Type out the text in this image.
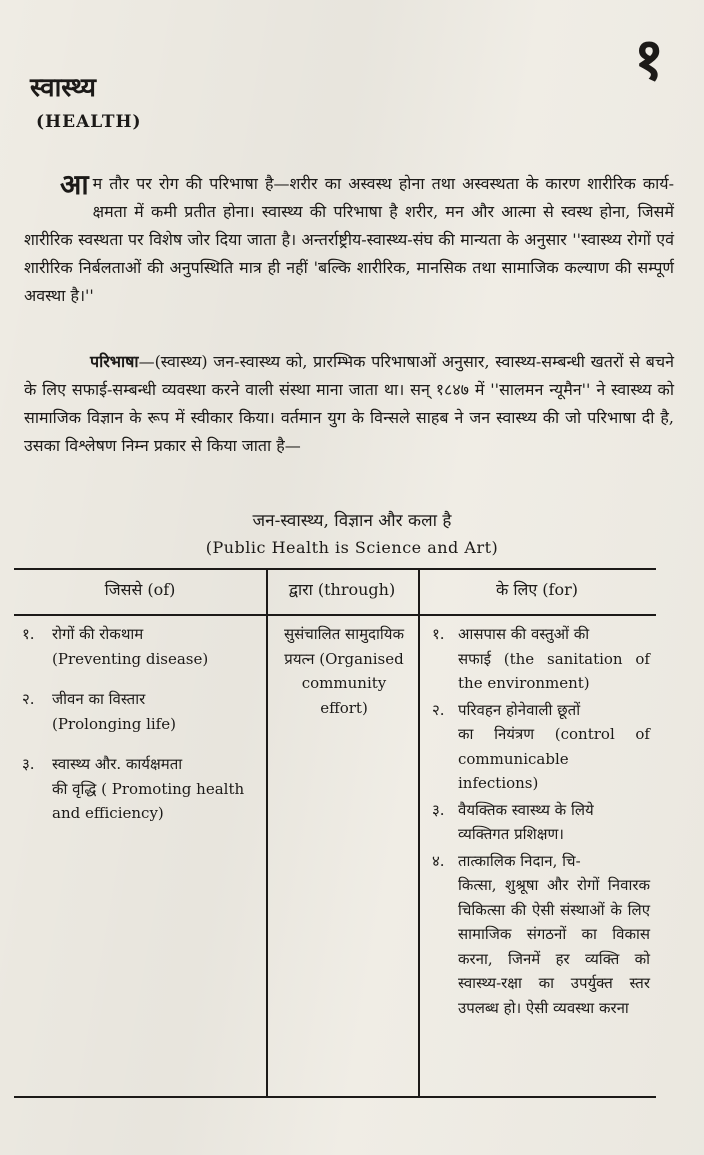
१
स्वास्थ्य
(HEALTH)

आम तौर पर रोग की परिभाषा है—शरीर का अस्वस्थ होना तथा अस्वस्थता के कारण शारीरिक कार्य-क्षमता में कमी प्रतीत होना। स्वास्थ्य की परिभाषा है शरीर, मन और आत्मा से स्वस्थ होना, जिसमें शारीरिक स्वस्थता पर विशेष जोर दिया जाता है। अन्तर्राष्ट्रीय-स्वास्थ्य-संघ की मान्यता के अनुसार ''स्वास्थ्य रोगों एवं शारीरिक निर्बलताओं की अनुपस्थिति मात्र ही नहीं 'बल्कि शारीरिक, मानसिक तथा सामाजिक कल्याण की सम्पूर्ण अवस्था है।''

परिभाषा—(स्वास्थ्य) जन-स्वास्थ्य को, प्रारम्भिक परिभाषाओं अनुसार, स्वास्थ्य-सम्बन्धी खतरों से बचने के लिए सफाई-सम्बन्धी व्यवस्था करने वाली संस्था माना जाता था। सन् १८४७ में ''सालमन न्यूमैन'' ने स्वास्थ्य को सामाजिक विज्ञान के रूप में स्वीकार किया। वर्तमान युग के विन्सले साहब ने जन स्वास्थ्य की जो परिभाषा दी है, उसका विश्लेषण निम्न प्रकार से किया जाता है—

जन-स्वास्थ्य, विज्ञान और कला है
(Public Health is Science and Art)
जिससे (of)	द्वारा (through)	के लिए (for)
१. रोगों की रोकथाम
(Preventing disease)
२. जीवन का विस्तार
(Prolonging life)
३. स्वास्थ्य और. कार्यक्षमता
की वृद्धि ( Promoting health and efficiency)
सुसंचालित सामुदायिक प्रयत्न (Organised community effort)
१. आसपास की वस्तुओं की
सफाई (the sanitation of the environment)
२. परिवहन होनेवाली छूतों
का नियंत्रण (control of communicable infections)
३. वैयक्तिक स्वास्थ्य के लिये
व्यक्तिगत प्रशिक्षण।
४. तात्कालिक निदान, चि-
कित्सा, शुश्रूषा और रोगों निवारक चिकित्सा की ऐसी संस्थाओं के लिए सामाजिक संगठनों का विकास करना, जिनमें हर व्यक्ति को स्वास्थ्य-रक्षा का उपर्युक्त स्तर उपलब्ध हो। ऐसी व्यवस्था करना
